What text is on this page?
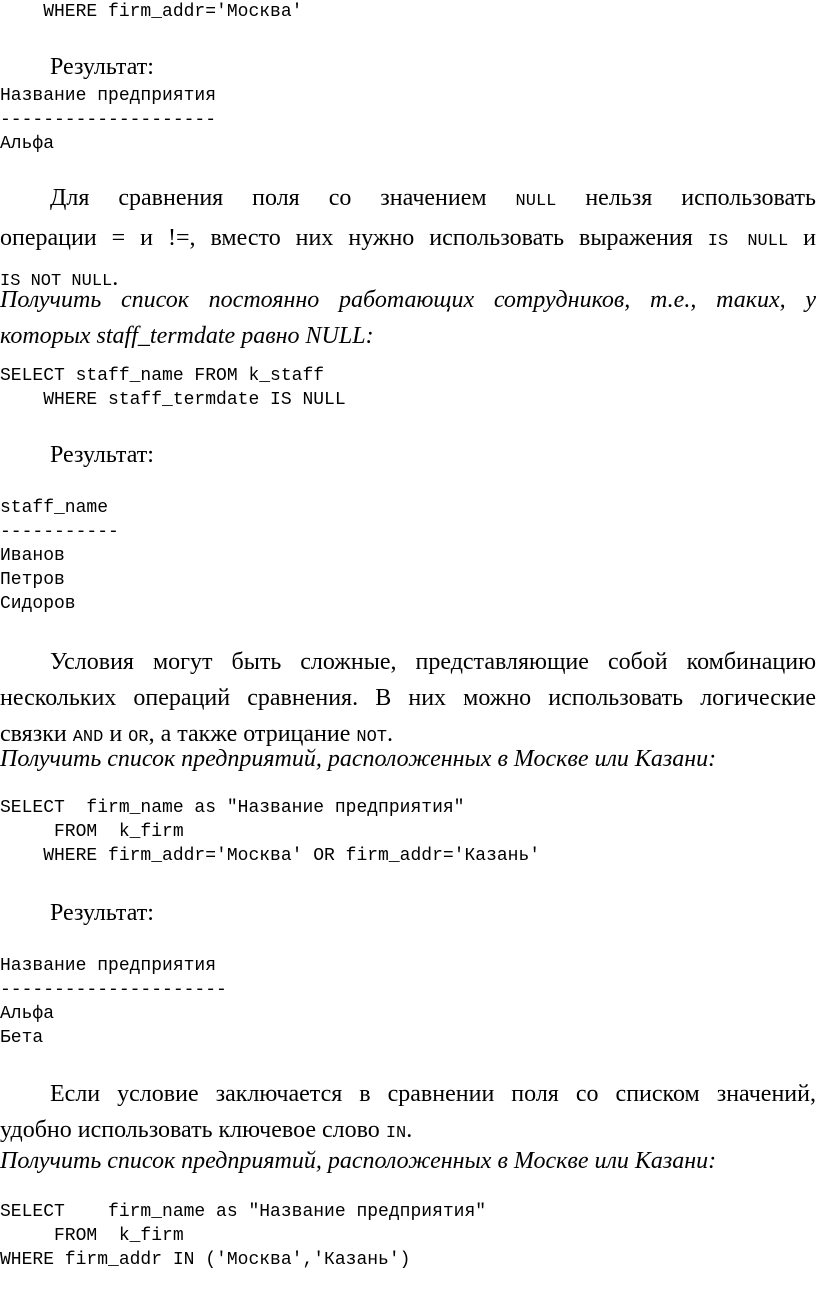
WHERE firm_addr='Москва'
Результат:
Название предприятия
--------------------
Альфа
Для сравнения поля со значением NULL нельзя использовать
операции = и !=, вместо них нужно использовать выражения IS NULL и
IS NOT NULL.
Получить список постоянно работающих сотрудников, т.е., таких, у
которых staff_termdate равно NULL:
SELECT staff_name FROM k_staff
WHERE staff_termdate IS NULL
Результат:
staff_name
-----------
Иванов
Петров
Сидоров
Условия могут быть сложные, представляющие собой комбинацию
нескольких операций сравнения. В них можно использовать логические
связки AND и OR, а также отрицание NOT.
Получить список предприятий, расположенных в Москве или Казани:
SELECT  firm_name as "Название предприятия"
FROM  k_firm
WHERE firm_addr='Москва' OR firm_addr='Казань'
Результат:
Название предприятия
---------------------
Альфа
Бета
Если условие заключается в сравнении поля со списком значений,
удобно использовать ключевое слово IN.
Получить список предприятий, расположенных в Москве или Казани:
SELECT    firm_name as "Название предприятия"
FROM  k_firm
WHERE firm_addr IN ('Москва','Казань')
